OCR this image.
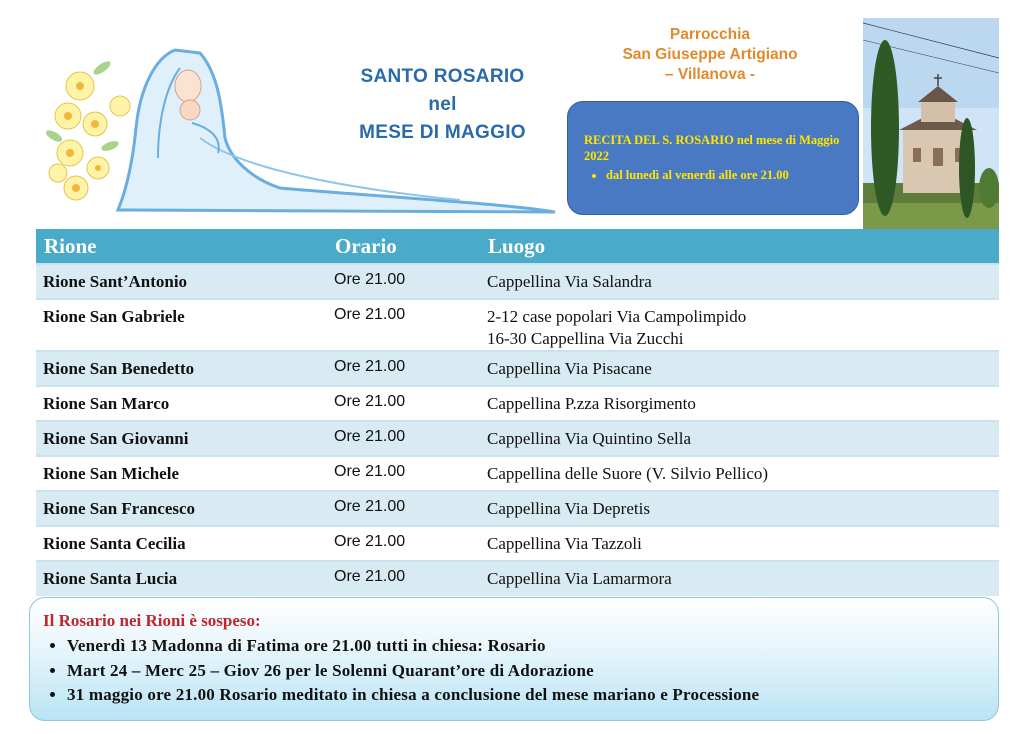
SANTO ROSARIO
nel
MESE DI MAGGIO
Parrocchia
San Giuseppe Artigiano
– Villanova -
RECITA DEL S. ROSARIO nel mese di Maggio 2022
• dal lunedì al venerdì alle ore 21.00
Rione	Orario	Luogo
Rione Sant’Antonio	Ore 21.00	Cappellina Via Salandra

Rione San Gabriele	Ore 21.00	2-12 case popolari Via Campolimpido
16-30 Cappellina Via Zucchi

Rione San Benedetto	Ore 21.00	Cappellina Via Pisacane

Rione San Marco	Ore 21.00	Cappellina P.zza Risorgimento

Rione San Giovanni	Ore 21.00	Cappellina Via Quintino Sella

Rione San Michele	Ore 21.00	Cappellina delle Suore (V. Silvio Pellico)

Rione San Francesco	Ore 21.00	Cappellina Via Depretis

Rione Santa Cecilia	Ore 21.00	Cappellina Via Tazzoli

Rione Santa Lucia	Ore 21.00	Cappellina Via Lamarmora
Il Rosario nei Rioni è sospeso:
• Venerdì 13 Madonna di Fatima ore 21.00 tutti in chiesa: Rosario
• Mart 24 – Merc 25 – Giov 26 per le Solenni Quarant’ore di Adorazione
• 31 maggio ore 21.00 Rosario meditato in chiesa a conclusione del mese mariano e Processione
